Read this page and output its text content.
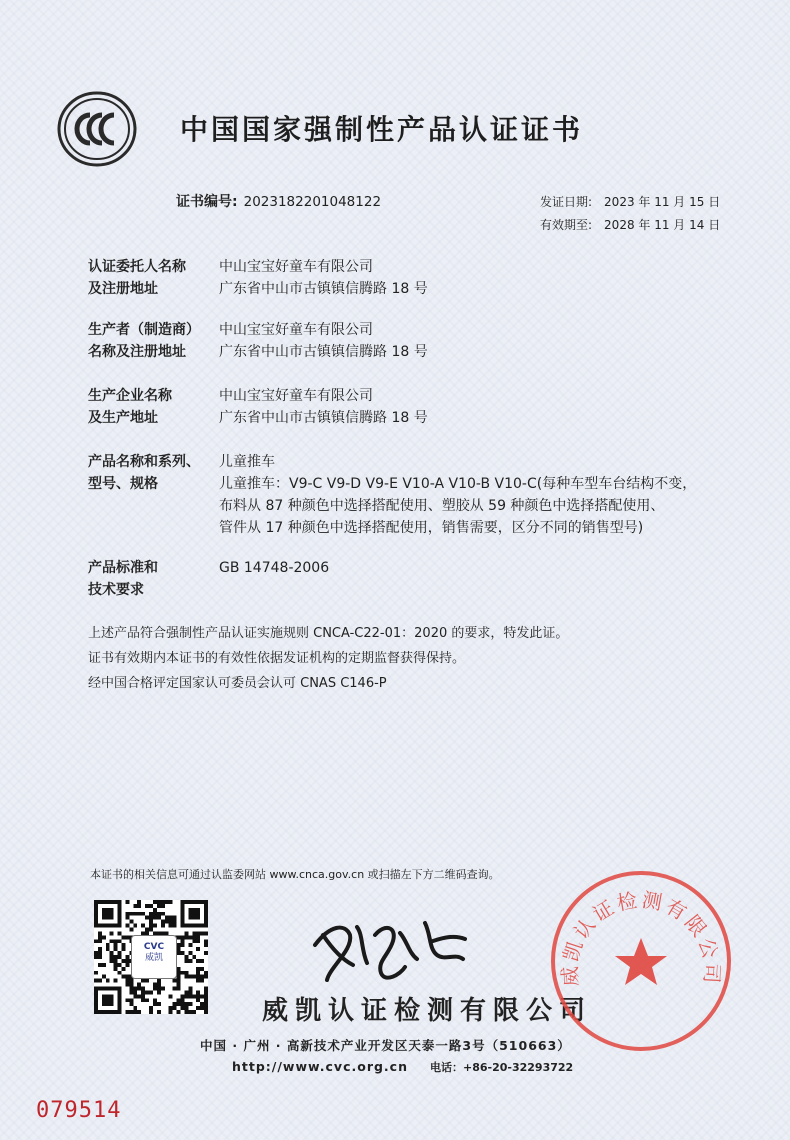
中国国家强制性产品认证证书
证书编号: 2023182201048122	发证日期: 2023 年 11 月 15 日
有效期至: 2028 年 11 月 14 日
认证委托人名称
及注册地址
中山宝宝好童车有限公司
广东省中山市古镇镇信腾路 18 号
生产者（制造商）
名称及注册地址
中山宝宝好童车有限公司
广东省中山市古镇镇信腾路 18 号
生产企业名称
及生产地址
中山宝宝好童车有限公司
广东省中山市古镇镇信腾路 18 号
产品名称和系列、
型号、规格
儿童推车
儿童推车：V9-C V9-D V9-E V10-A V10-B V10-C(每种车型车台结构不变，
布料从 87 种颜色中选择搭配使用、塑胶从 59 种颜色中选择搭配使用、
管件从 17 种颜色中选择搭配使用，销售需要，区分不同的销售型号)
产品标准和
技术要求
GB 14748-2006
上述产品符合强制性产品认证实施规则 CNCA-C22-01：2020 的要求，特发此证。
证书有效期内本证书的有效性依据发证机构的定期监督获得保持。
经中国合格评定国家认可委员会认可 CNAS C146-P
本证书的相关信息可通过认监委网站 www.cnca.gov.cn 或扫描左下方二维码查询。
CVC
威凯
威凯认证检测有限公司
中国 · 广州 · 高新技术产业开发区天泰一路3号（510663）
http://www.cvc.org.cn 电话：+86-20-32293722
079514
威凯认证检测有限公司
